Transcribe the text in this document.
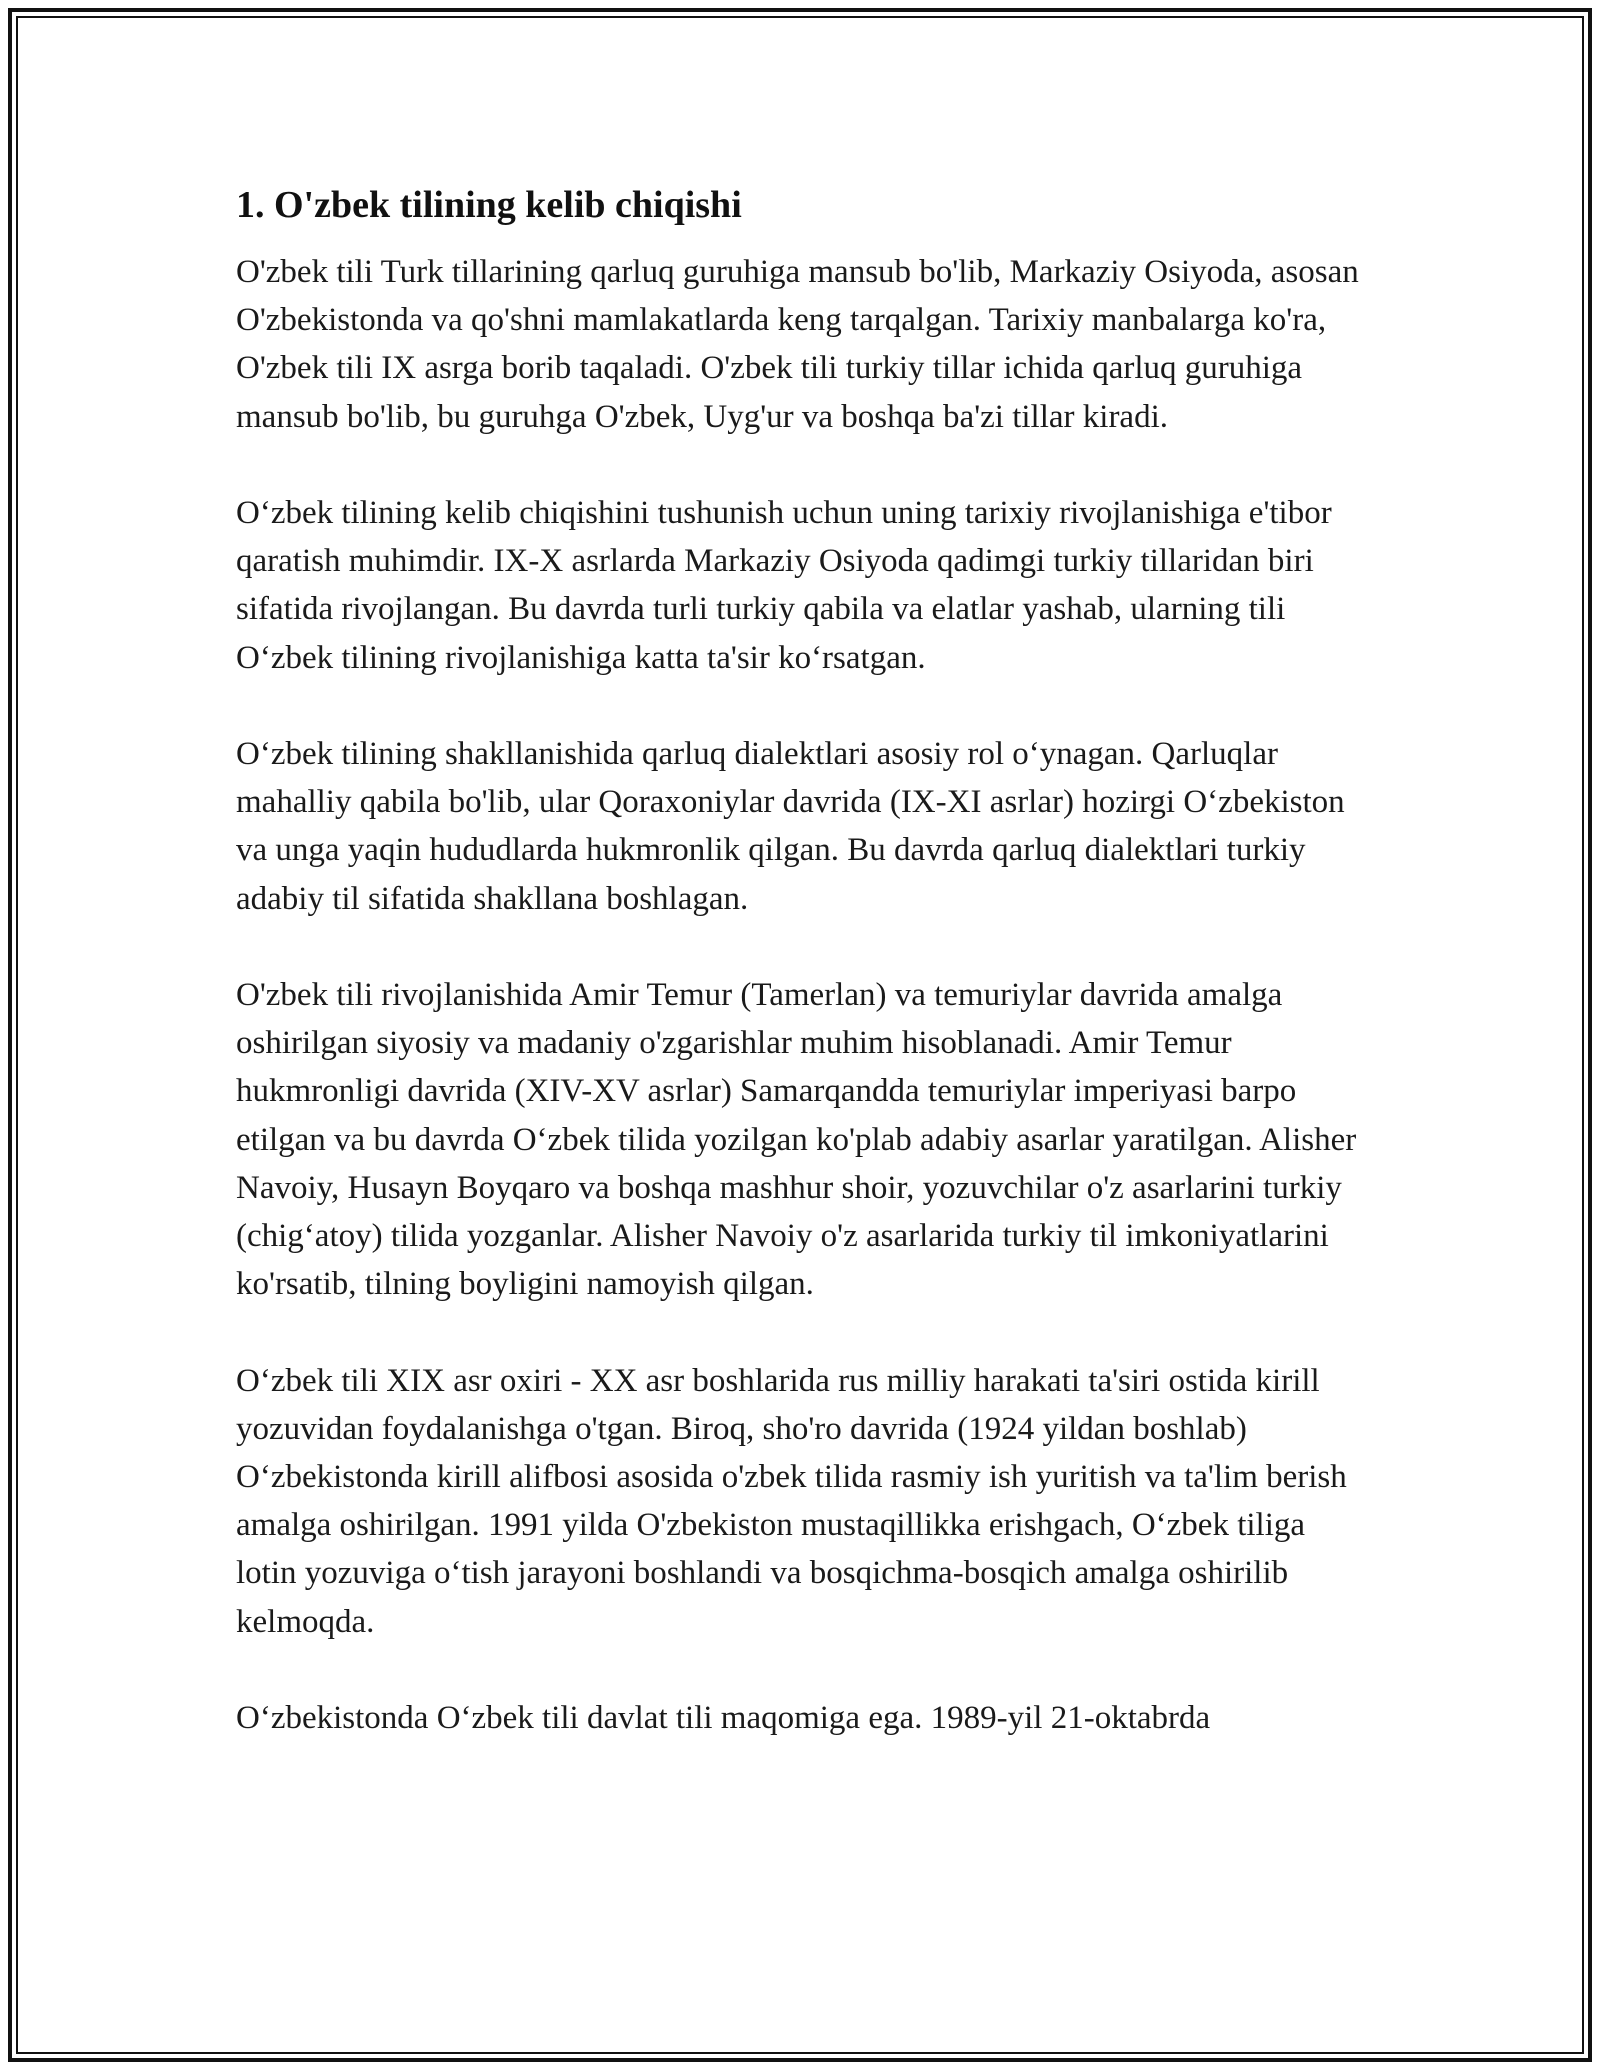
1. O'zbek tilining kelib chiqishi

O'zbek tili Turk tillarining qarluq guruhiga mansub bo'lib, Markaziy Osiyoda, asosan O'zbekistonda va qo'shni mamlakatlarda keng tarqalgan. Tarixiy manbalarga ko'ra, O'zbek tili IX asrga borib taqaladi. O'zbek tili turkiy tillar ichida qarluq guruhiga mansub bo'lib, bu guruhga O'zbek, Uyg'ur va boshqa ba'zi tillar kiradi.

O‘zbek tilining kelib chiqishini tushunish uchun uning tarixiy rivojlanishiga e'tibor qaratish muhimdir. IX-X asrlarda Markaziy Osiyoda qadimgi turkiy tillaridan biri sifatida rivojlangan. Bu davrda turli turkiy qabila va elatlar yashab, ularning tili O‘zbek tilining rivojlanishiga katta ta'sir ko‘rsatgan.

O‘zbek tilining shakllanishida qarluq dialektlari asosiy rol o‘ynagan. Qarluqlar mahalliy qabila bo'lib, ular Qoraxoniylar davrida (IX-XI asrlar) hozirgi O‘zbekiston va unga yaqin hududlarda hukmronlik qilgan. Bu davrda qarluq dialektlari turkiy adabiy til sifatida shakllana boshlagan.

O'zbek tili rivojlanishida Amir Temur (Tamerlan) va temuriylar davrida amalga oshirilgan siyosiy va madaniy o'zgarishlar muhim hisoblanadi. Amir Temur hukmronligi davrida (XIV-XV asrlar) Samarqandda temuriylar imperiyasi barpo etilgan va bu davrda O‘zbek tilida yozilgan ko'plab adabiy asarlar yaratilgan. Alisher Navoiy, Husayn Boyqaro va boshqa mashhur shoir, yozuvchilar o'z asarlarini turkiy (chig‘atoy) tilida yozganlar. Alisher Navoiy o'z asarlarida turkiy til imkoniyatlarini ko'rsatib, tilning boyligini namoyish qilgan.

O‘zbek tili XIX asr oxiri - XX asr boshlarida rus milliy harakati ta'siri ostida kirill yozuvidan foydalanishga o'tgan. Biroq, sho'ro davrida (1924 yildan boshlab) O‘zbekistonda kirill alifbosi asosida o'zbek tilida rasmiy ish yuritish va ta'lim berish amalga oshirilgan. 1991 yilda O'zbekiston mustaqillikka erishgach, O‘zbek tiliga lotin yozuviga o‘tish jarayoni boshlandi va bosqichma-bosqich amalga oshirilib kelmoqda.

O‘zbekistonda O‘zbek tili davlat tili maqomiga ega. 1989-yil 21-oktabrda
